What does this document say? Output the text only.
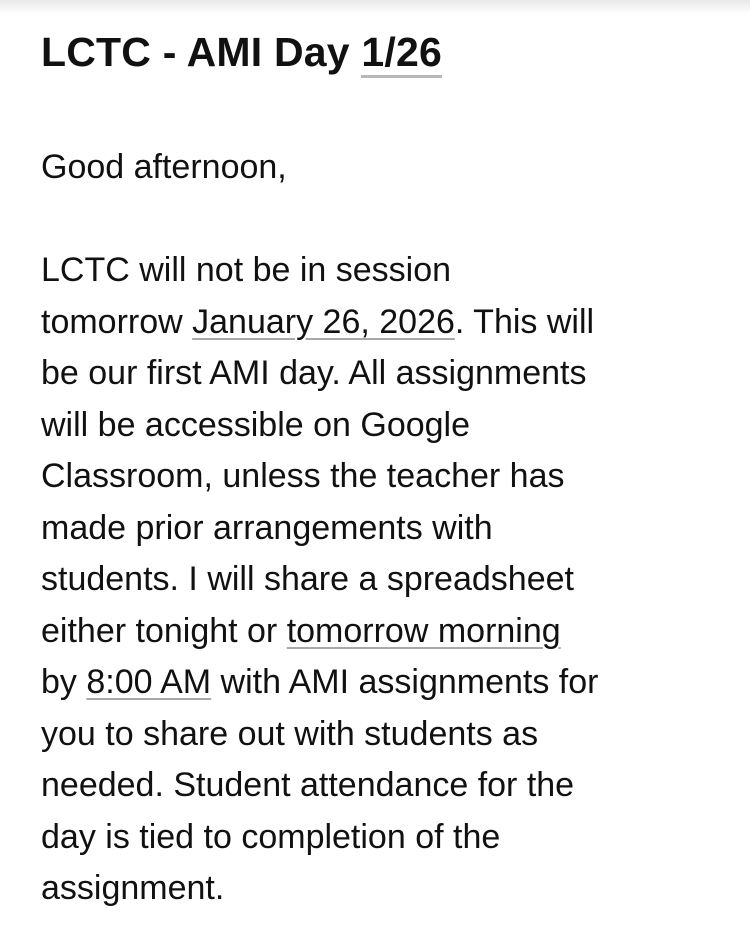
LCTC - AMI Day 1/26

Good afternoon,

LCTC will not be in session
tomorrow January 26, 2026. This will
be our first AMI day. All assignments
will be accessible on Google
Classroom, unless the teacher has
made prior arrangements with
students. I will share a spreadsheet
either tonight or tomorrow morning
by 8:00 AM with AMI assignments for
you to share out with students as
needed. Student attendance for the
day is tied to completion of the
assignment.
